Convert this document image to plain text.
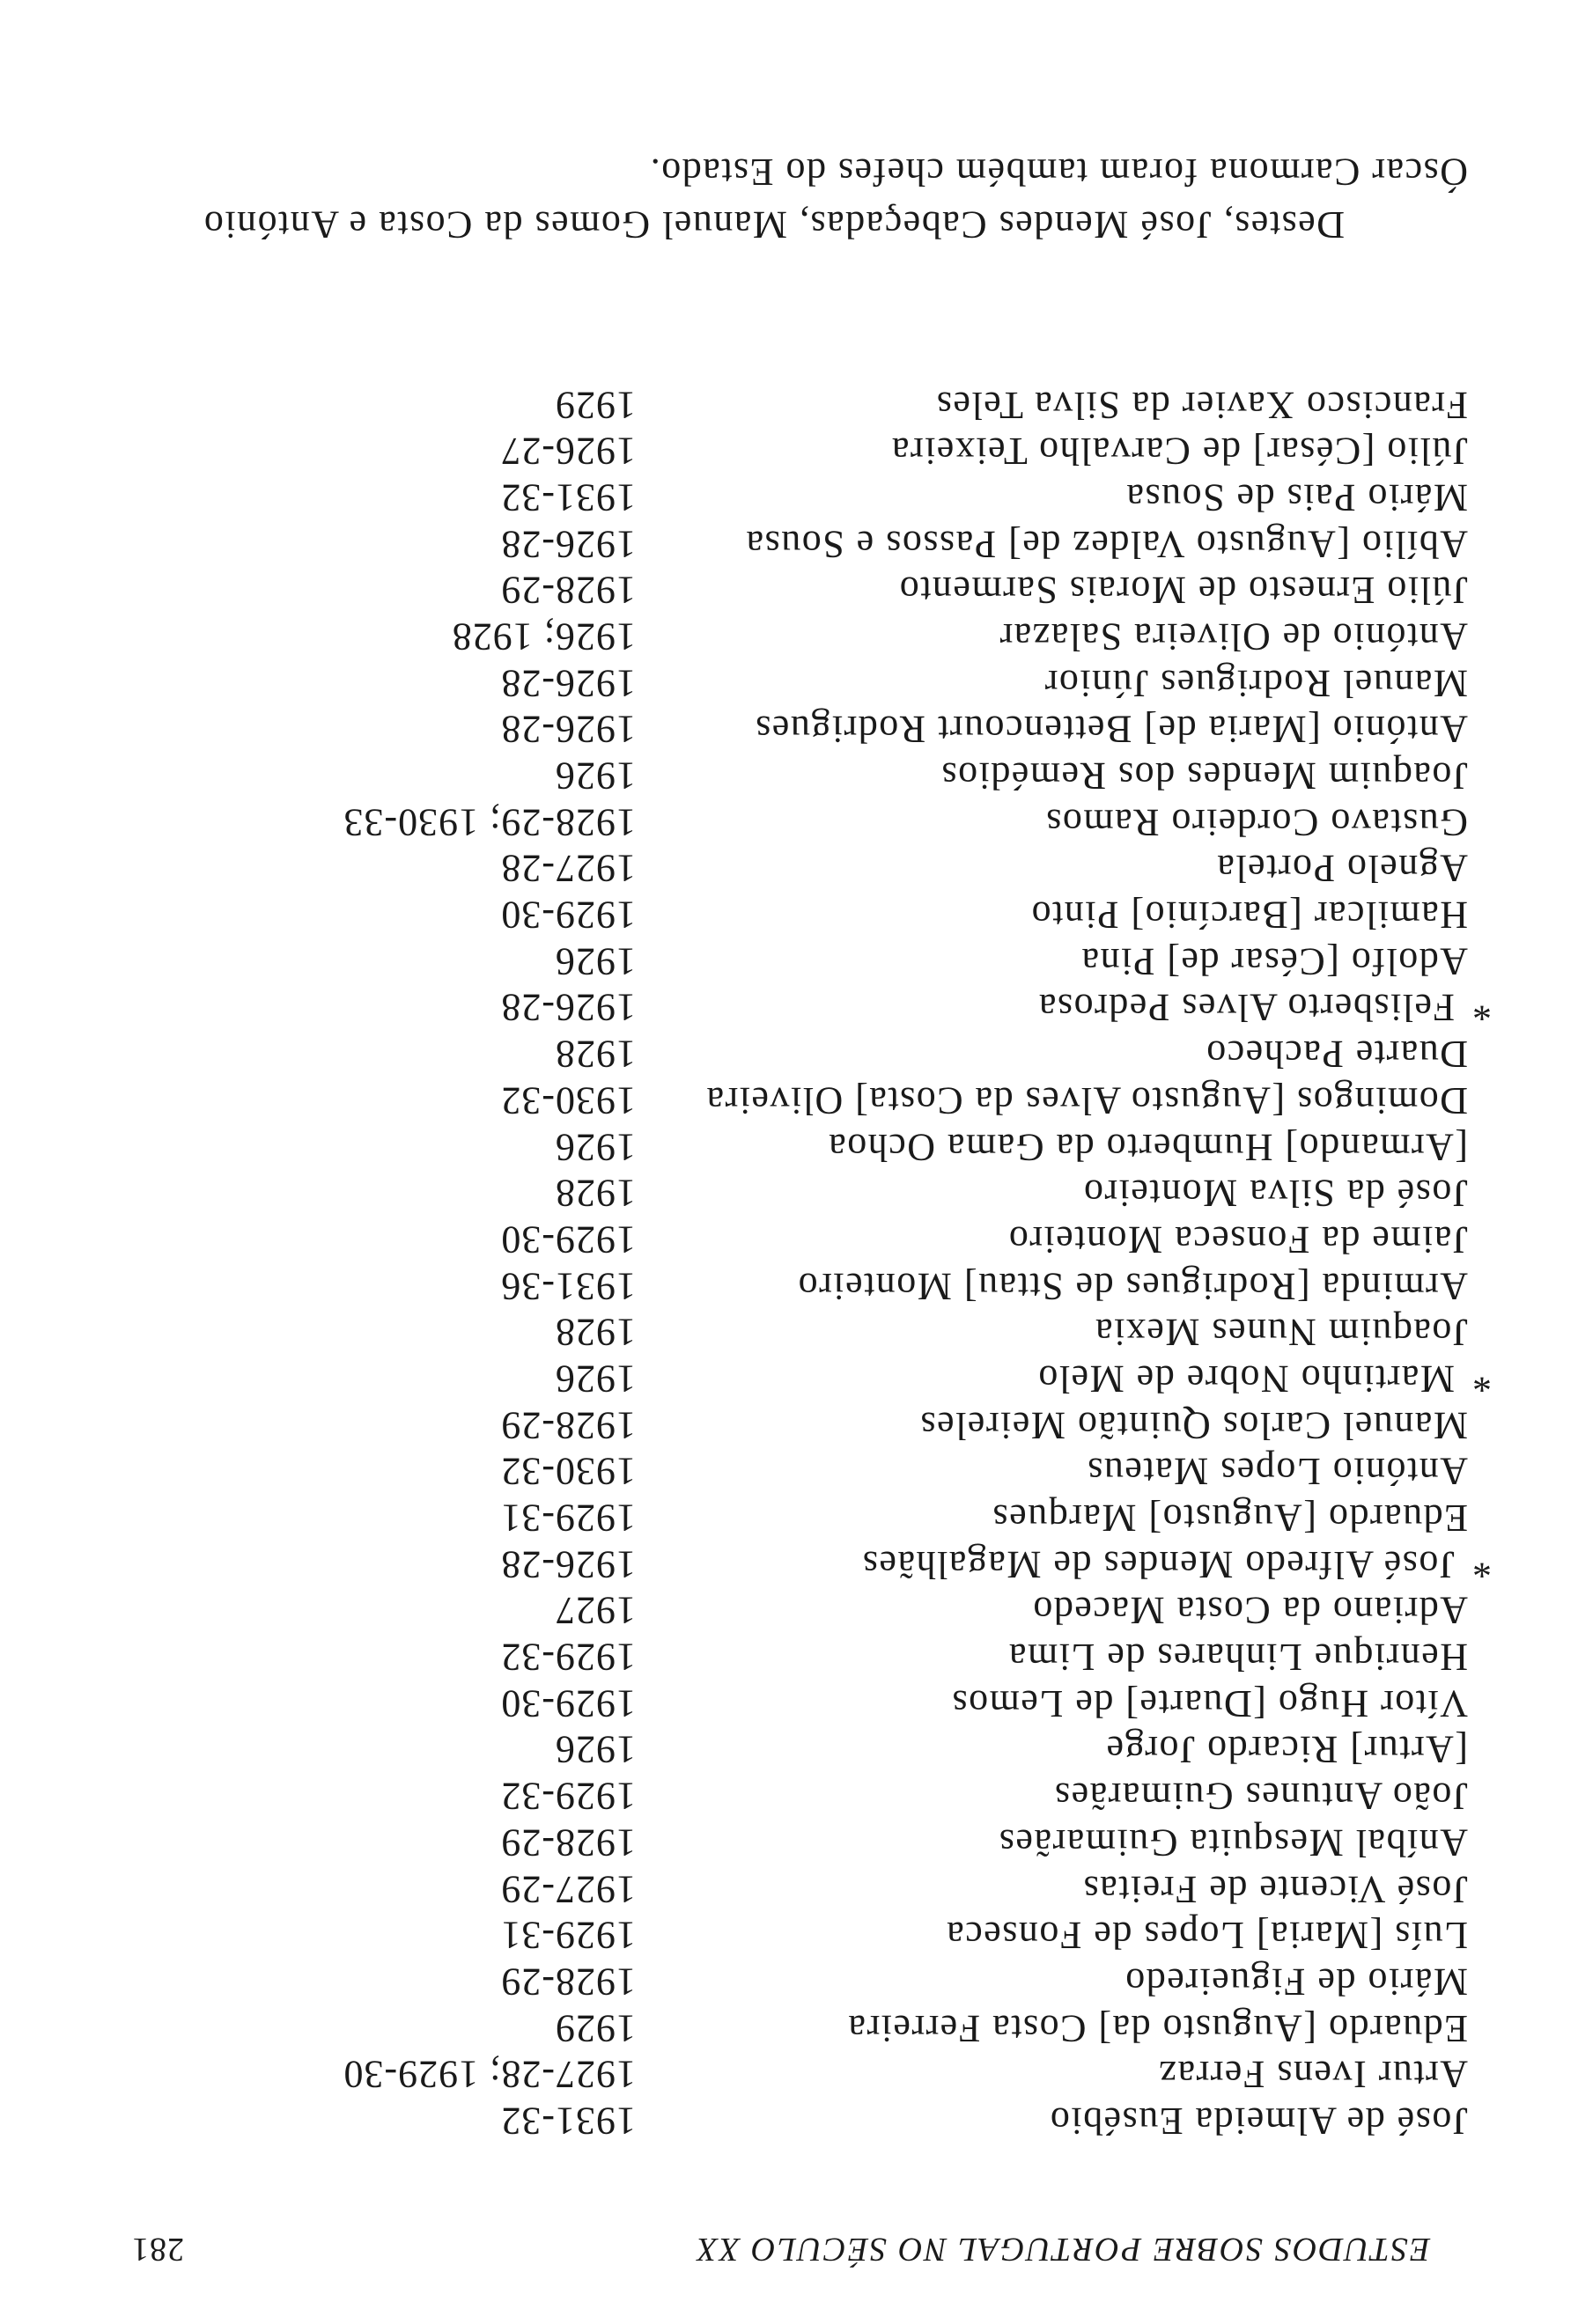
ESTUDOS SOBRE PORTUGAL NO SÉCULO XX
281
José de Almeida Eusébio
1931-32
Artur Ivens Ferraz
1927-28; 1929-30
Eduardo [Augusto da] Costa Ferreira
1929
Mário de Figueiredo
1928-29
Luís [Maria] Lopes de Fonseca
1929-31
José Vicente de Freitas
1927-29
Aníbal Mesquita Guimarães
1928-29
João Antunes Guimarães
1929-32
[Artur] Ricardo Jorge
1926
Vítor Hugo [Duarte] de Lemos
1929-30
Henrique Linhares de Lima
1929-32
Adriano da Costa Macedo
1927
*
José Alfredo Mendes de Magalhães
1926-28
Eduardo [Augusto] Marques
1929-31
António Lopes Mateus
1930-32
Manuel Carlos Quintão Meireles
1928-29
*
Martinho Nobre de Melo
1926
Joaquim Nunes Mexia
1928
Arminda [Rodrigues de Sttau] Monteiro
1931-36
Jaime da Fonseca Monteiro
1929-30
José da Silva Monteiro
1928
[Armando] Humberto da Gama Ochoa
1926
Domingos [Augusto Alves da Costa] Oliveira
1930-32
Duarte Pacheco
1928
*
Felisberto Alves Pedrosa
1926-28
Adolfo [César de] Pina
1926
Hamilcar [Barcínio] Pinto
1929-30
Agnelo Portela
1927-28
Gustavo Cordeiro Ramos
1928-29; 1930-33
Joaquim Mendes dos Remédios
1926
António [Maria de] Bettencourt Rodrigues
1926-28
Manuel Rodrigues Júnior
1926-28
António de Oliveira Salazar
1926; 1928
Júlio Ernesto de Morais Sarmento
1928-29
Abílio [Augusto Valdez de] Passos e Sousa
1926-28
Mário Pais de Sousa
1931-32
Júlio [César] de Carvalho Teixeira
1926-27
Francisco Xavier da Silva Teles
1929
Destes, José Mendes Cabeçadas, Manuel Gomes da Costa e António
Óscar Carmona foram também chefes do Estado.
